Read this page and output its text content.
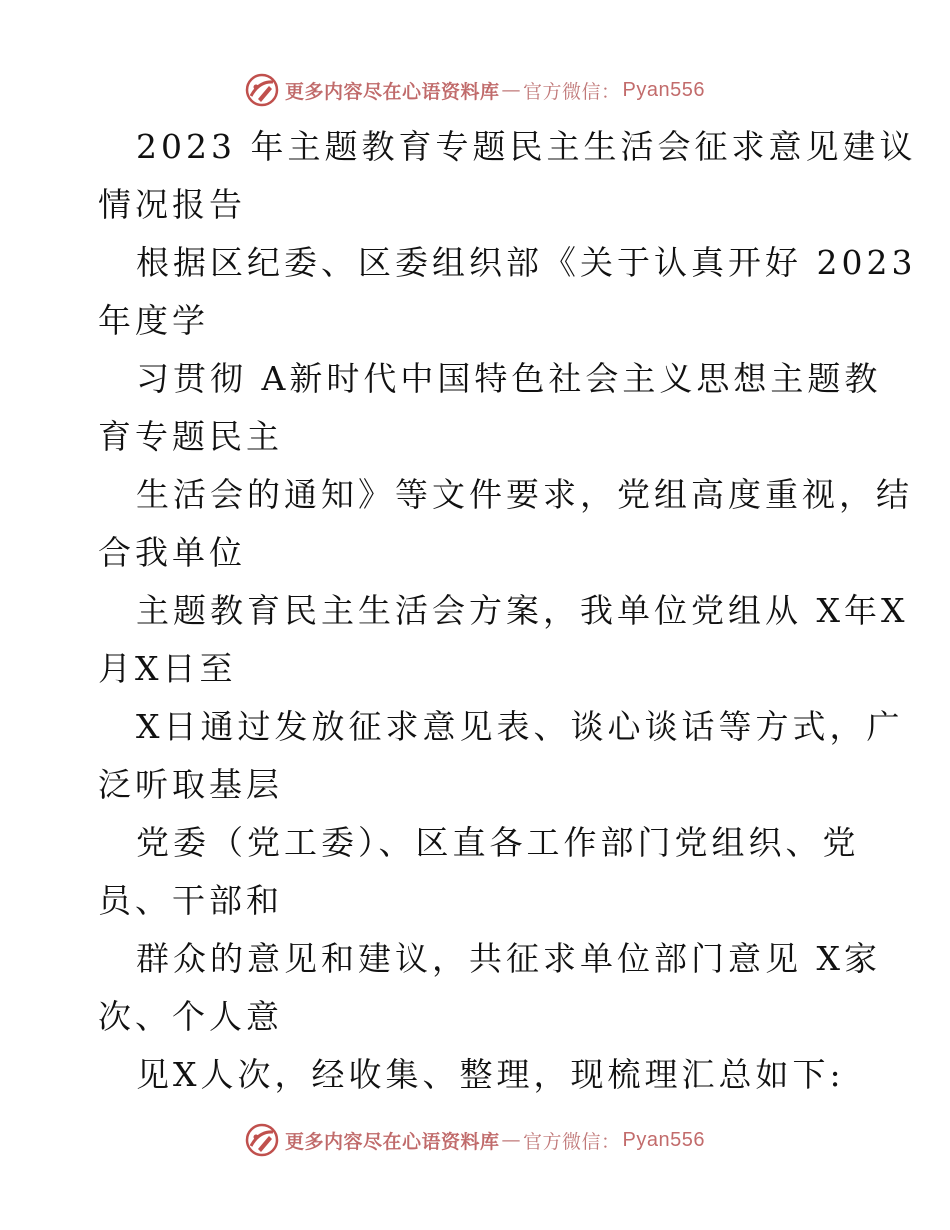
更多内容尽在心语资料库 — 官方微信： Pyan556
2023 年主题教育专题民主生活会征求意见建议
情况报告
根据区纪委、区委组织部《关于认真开好 2023
年度学
习贯彻 A新时代中国特色社会主义思想主题教
育专题民主
生活会的通知》等文件要求，党组高度重视，结
合我单位
主题教育民主生活会方案，我单位党组从 X年X
月X日至
X日通过发放征求意见表、谈心谈话等方式，广
泛听取基层
党委（党工委）、区直各工作部门党组织、党
员、干部和
群众的意见和建议，共征求单位部门意见 X家
次、个人意
见X人次，经收集、整理，现梳理汇总如下:
更多内容尽在心语资料库 — 官方微信： Pyan556
